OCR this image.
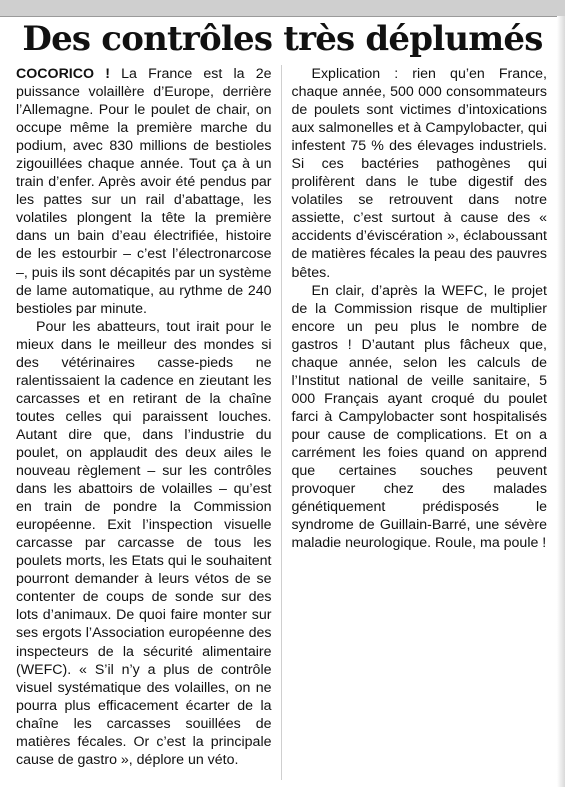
Des contrôles très déplumés

COCORICO ! La France est la 2e puissance volaillère d’Europe, derrière l’Allemagne. Pour le poulet de chair, on occupe même la première marche du podium, avec 830 millions de bestioles zigouillées chaque année. Tout ça à un train d’enfer. Après avoir été pendus par les pattes sur un rail d’abattage, les volatiles plongent la tête la première dans un bain d’eau électrifiée, histoire de les estourbir – c’est l’électronarcose –, puis ils sont décapités par un système de lame automatique, au rythme de 240 bestioles par minute.

Pour les abatteurs, tout irait pour le mieux dans le meilleur des mondes si des vétérinaires casse-pieds ne ralentissaient la cadence en zieutant les carcasses et en retirant de la chaîne toutes celles qui paraissent louches. Autant dire que, dans l’industrie du poulet, on applaudit des deux ailes le nouveau règlement – sur les contrôles dans les abattoirs de volailles – qu’est en train de pondre la Commission européenne. Exit l’inspection visuelle carcasse par carcasse de tous les poulets morts, les Etats qui le souhaitent pourront demander à leurs vétos de se contenter de coups de sonde sur des lots d’animaux. De quoi faire monter sur ses ergots l’Association européenne des inspecteurs de la sécurité alimentaire (WEFC). « S’il n’y a plus de contrôle visuel systématique des volailles, on ne pourra plus efficacement écarter de la chaîne les carcasses souillées de matières fécales. Or c’est la principale cause de gastro », déplore un véto.

Explication : rien qu’en France, chaque année, 500 000 consommateurs de poulets sont victimes d’intoxications aux salmonelles et à Campylobacter, qui infestent 75 % des élevages industriels. Si ces bactéries pathogènes qui prolifèrent dans le tube digestif des volatiles se retrouvent dans notre assiette, c’est surtout à cause des « accidents d’éviscération », éclaboussant de matières fécales la peau des pauvres bêtes.

En clair, d’après la WEFC, le projet de la Commission risque de multiplier encore un peu plus le nombre de gastros ! D’autant plus fâcheux que, chaque année, selon les calculs de l’Institut national de veille sanitaire, 5 000 Français ayant croqué du poulet farci à Campylobacter sont hospitalisés pour cause de complications. Et on a carrément les foies quand on apprend que certaines souches peuvent provoquer chez des malades génétiquement prédisposés le syndrome de Guillain-Barré, une sévère maladie neurologique. Roule, ma poule !
